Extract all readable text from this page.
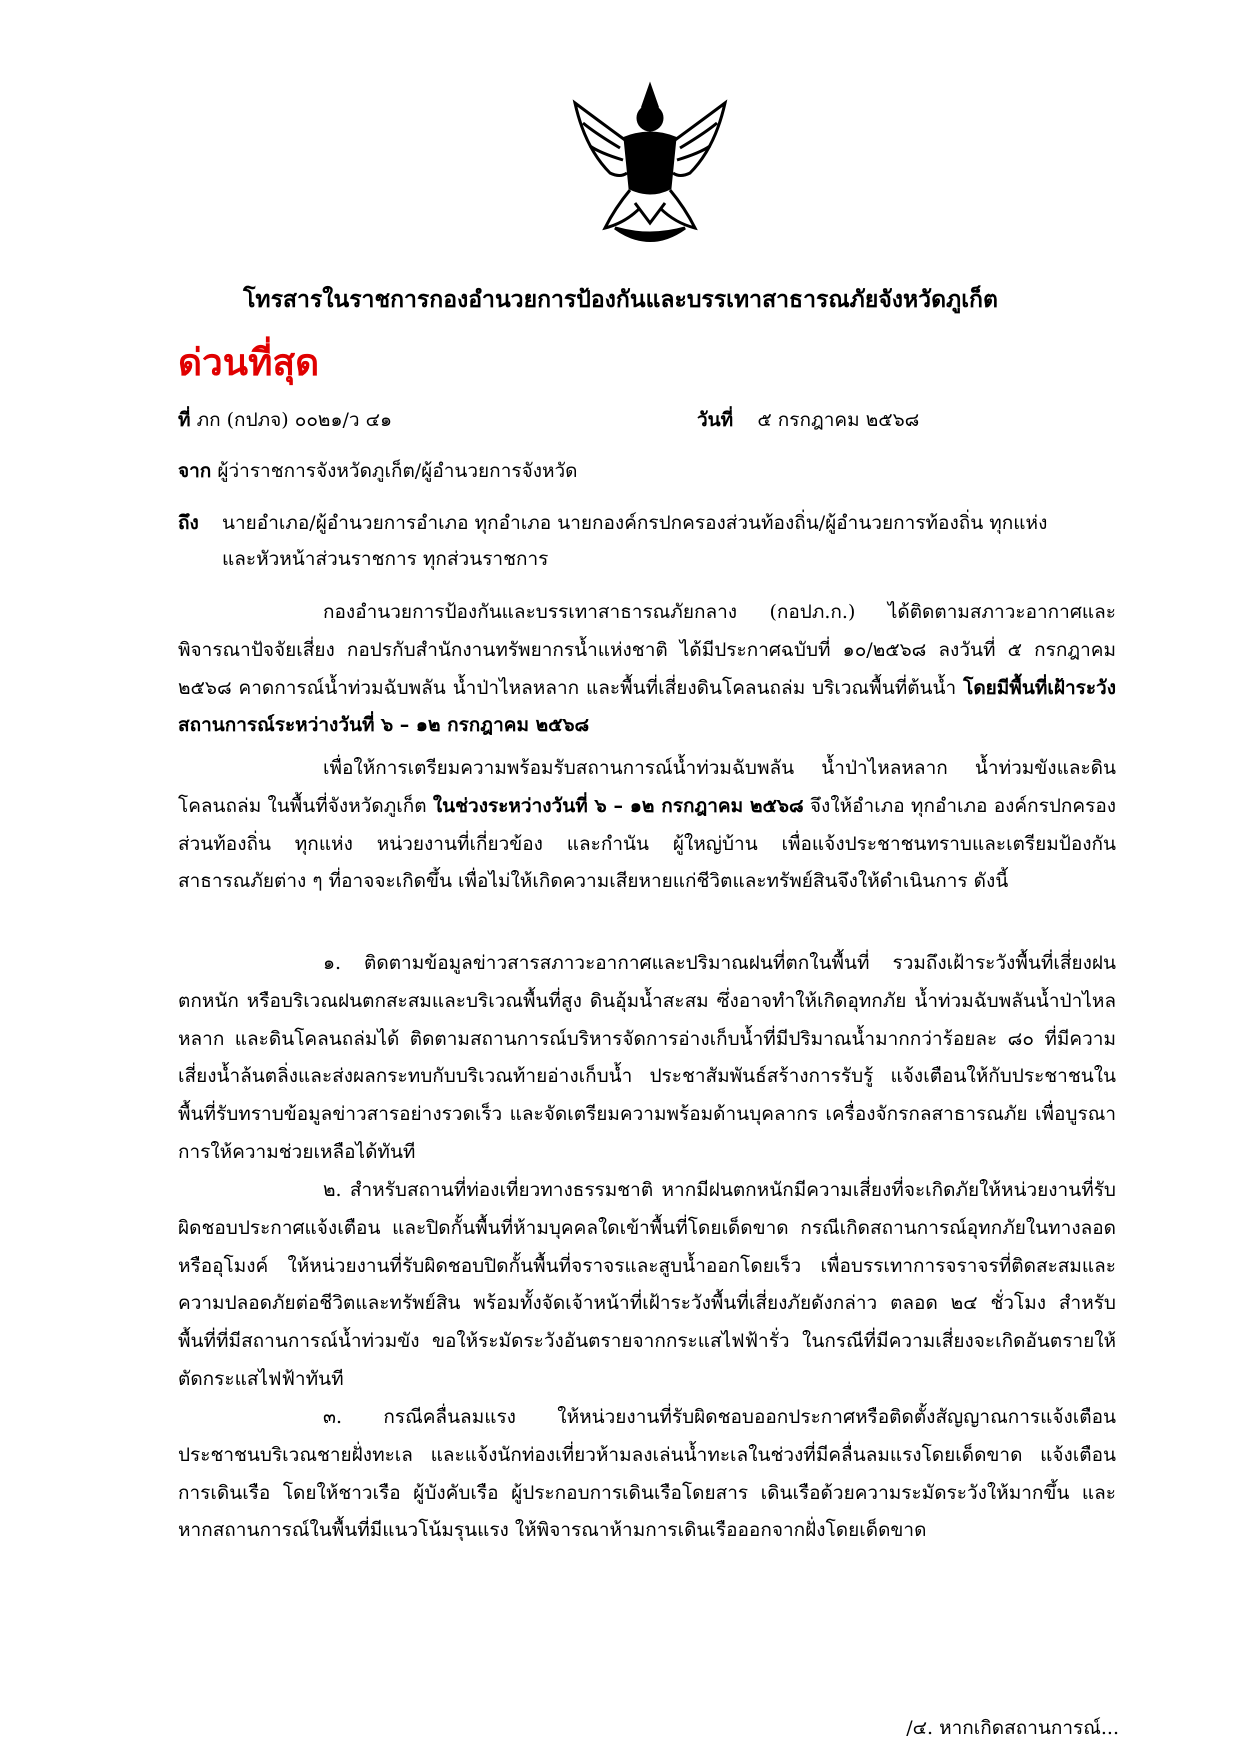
โทรสารในราชการกองอำนวยการป้องกันและบรรเทาสาธารณภัยจังหวัดภูเก็ต
ด่วนที่สุด
ที่ ภก (กปภจ) ๐๐๒๑/ว ๔๑	วันที่ ๕ กรกฎาคม ๒๕๖๘
จาก ผู้ว่าราชการจังหวัดภูเก็ต/ผู้อำนวยการจังหวัด
ถึง นายอำเภอ/ผู้อำนวยการอำเภอ ทุกอำเภอ นายกองค์กรปกครองส่วนท้องถิ่น/ผู้อำนวยการท้องถิ่น ทุกแห่ง
และหัวหน้าส่วนราชการ ทุกส่วนราชการ

กองอำนวยการป้องกันและบรรเทาสาธารณภัยกลาง (กอปภ.ก.) ได้ติดตามสภาวะอากาศและพิจารณาปัจจัยเสี่ยง กอปรกับสำนักงานทรัพยากรน้ำแห่งชาติ ได้มีประกาศฉบับที่ ๑๐/๒๕๖๘ ลงวันที่ ๕ กรกฎาคม ๒๕๖๘ คาดการณ์น้ำท่วมฉับพลัน น้ำป่าไหลหลาก และพื้นที่เสี่ยงดินโคลนถล่ม บริเวณพื้นที่ต้นน้ำ โดยมีพื้นที่เฝ้าระวังสถานการณ์ระหว่างวันที่ ๖ – ๑๒ กรกฎาคม ๒๕๖๘

เพื่อให้การเตรียมความพร้อมรับสถานการณ์น้ำท่วมฉับพลัน น้ำป่าไหลหลาก น้ำท่วมขังและดินโคลนถล่ม ในพื้นที่จังหวัดภูเก็ต ในช่วงระหว่างวันที่ ๖ – ๑๒ กรกฎาคม ๒๕๖๘ จึงให้อำเภอ ทุกอำเภอ องค์กรปกครองส่วนท้องถิ่น ทุกแห่ง หน่วยงานที่เกี่ยวข้อง และกำนัน ผู้ใหญ่บ้าน เพื่อแจ้งประชาชนทราบและเตรียมป้องกันสาธารณภัยต่าง ๆ ที่อาจจะเกิดขึ้น เพื่อไม่ให้เกิดความเสียหายแก่ชีวิตและทรัพย์สินจึงให้ดำเนินการ ดังนี้

๑. ติดตามข้อมูลข่าวสารสภาวะอากาศและปริมาณฝนที่ตกในพื้นที่ รวมถึงเฝ้าระวังพื้นที่เสี่ยงฝนตกหนัก หรือบริเวณฝนตกสะสมและบริเวณพื้นที่สูง ดินอุ้มน้ำสะสม ซึ่งอาจทำให้เกิดอุทกภัย น้ำท่วมฉับพลันน้ำป่าไหลหลาก และดินโคลนถล่มได้ ติดตามสถานการณ์บริหารจัดการอ่างเก็บน้ำที่มีปริมาณน้ำมากกว่าร้อยละ ๘๐ ที่มีความเสี่ยงน้ำล้นตลิ่งและส่งผลกระทบกับบริเวณท้ายอ่างเก็บน้ำ ประชาสัมพันธ์สร้างการรับรู้ แจ้งเตือนให้กับประชาชนในพื้นที่รับทราบข้อมูลข่าวสารอย่างรวดเร็ว และจัดเตรียมความพร้อมด้านบุคลากร เครื่องจักรกลสาธารณภัย เพื่อบูรณาการให้ความช่วยเหลือได้ทันที

๒. สำหรับสถานที่ท่องเที่ยวทางธรรมชาติ หากมีฝนตกหนักมีความเสี่ยงที่จะเกิดภัยให้หน่วยงานที่รับผิดชอบประกาศแจ้งเตือน และปิดกั้นพื้นที่ห้ามบุคคลใดเข้าพื้นที่โดยเด็ดขาด กรณีเกิดสถานการณ์อุทกภัยในทางลอดหรืออุโมงค์ ให้หน่วยงานที่รับผิดชอบปิดกั้นพื้นที่จราจรและสูบน้ำออกโดยเร็ว เพื่อบรรเทาการจราจรที่ติดสะสมและความปลอดภัยต่อชีวิตและทรัพย์สิน พร้อมทั้งจัดเจ้าหน้าที่เฝ้าระวังพื้นที่เสี่ยงภัยดังกล่าว ตลอด ๒๔ ชั่วโมง สำหรับพื้นที่ที่มีสถานการณ์น้ำท่วมขัง ขอให้ระมัดระวังอันตรายจากกระแสไฟฟ้ารั่ว ในกรณีที่มีความเสี่ยงจะเกิดอันตรายให้ตัดกระแสไฟฟ้าทันที

๓. กรณีคลื่นลมแรง ให้หน่วยงานที่รับผิดชอบออกประกาศหรือติดตั้งสัญญาณการแจ้งเตือนประชาชนบริเวณชายฝั่งทะเล และแจ้งนักท่องเที่ยวห้ามลงเล่นน้ำทะเลในช่วงที่มีคลื่นลมแรงโดยเด็ดขาด แจ้งเตือนการเดินเรือ โดยให้ชาวเรือ ผู้บังคับเรือ ผู้ประกอบการเดินเรือโดยสาร เดินเรือด้วยความระมัดระวังให้มากขึ้น และหากสถานการณ์ในพื้นที่มีแนวโน้มรุนแรง ให้พิจารณาห้ามการเดินเรือออกจากฝั่งโดยเด็ดขาด

/๔. หากเกิดสถานการณ์...
